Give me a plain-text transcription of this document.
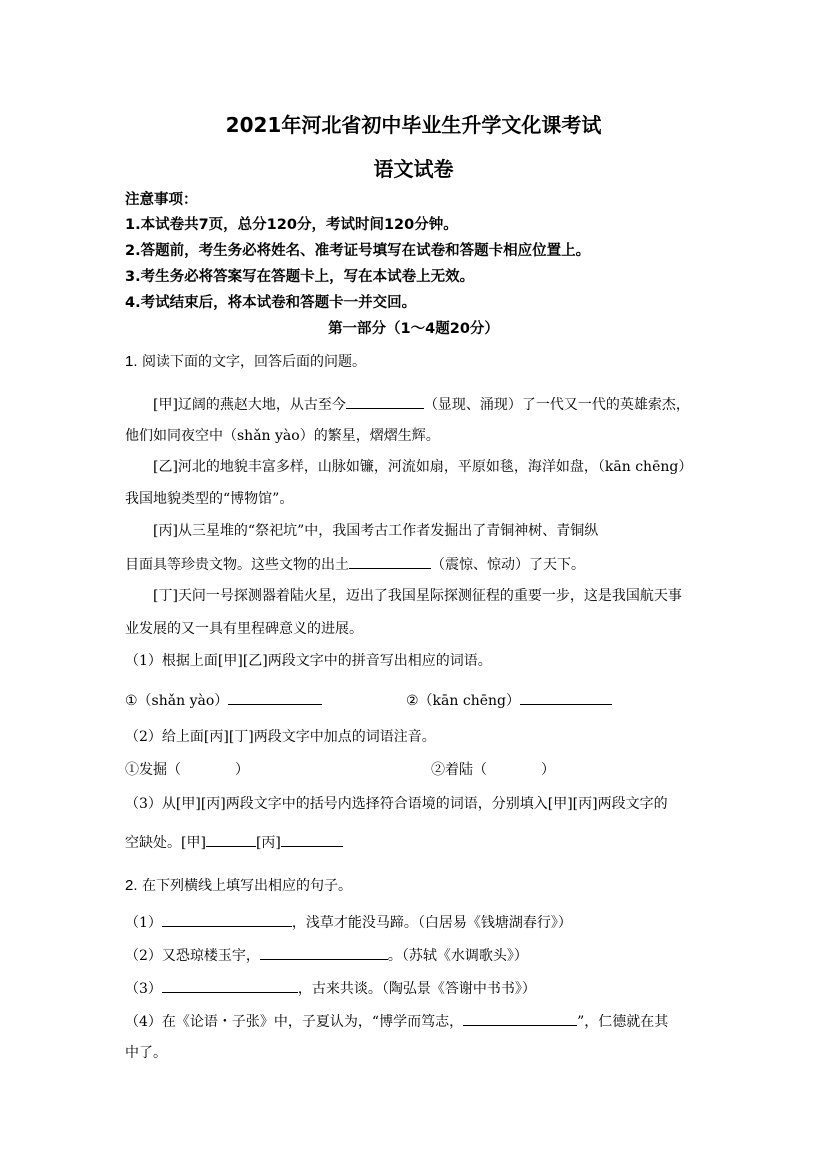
2021年河北省初中毕业生升学文化课考试
语文试卷
注意事项：
1.本试卷共7页，总分120分，考试时间120分钟。
2.答题前，考生务必将姓名、准考证号填写在试卷和答题卡相应位置上。
3.考生务必将答案写在答题卡上，写在本试卷上无效。
4.考试结束后，将本试卷和答题卡一并交回。
第一部分（1～4题20分）
1. 阅读下面的文字，回答后面的问题。
[甲]辽阔的燕赵大地，从古至今	（显现、涌现）了一代又一代的英雄索杰，
他们如同夜空中（shǎn yào）的繁星，熠熠生辉。
[乙]河北的地貌丰富多样，山脉如镰，河流如扇，平原如毯，海洋如盘，（kān chēng）
我国地貌类型的“博物馆”。
[丙]从三星堆的“祭祀坑”中，我国考古工作者发掘出了青铜神树、青铜纵
目面具等珍贵文物。这些文物的出土	（震惊、惊动）了天下。
[丁]天问一号探测器着陆火星，迈出了我国星际探测征程的重要一步，这是我国航天事
业发展的又一具有里程碑意义的进展。
（1）根据上面[甲][乙]两段文字中的拼音写出相应的词语。
①（shǎn yào）	②（kān chēng）
（2）给上面[丙][丁]两段文字中加点的词语注音。
①发掘（	）	②着陆（	）
（3）从[甲][丙]两段文字中的括号内选择符合语境的词语，分别填入[甲][丙]两段文字的
空缺处。[甲]	[丙]
2. 在下列横线上填写出相应的句子。
（1）	，浅草才能没马蹄。（白居易《钱塘湖春行》）
（2）又恐琼楼玉宇，	。（苏轼《水调歌头》）
（3）	，古来共谈。（陶弘景《答谢中书书》）
（4）在《论语・子张》中，子夏认为，“博学而笃志，	”，仁德就在其
中了。
